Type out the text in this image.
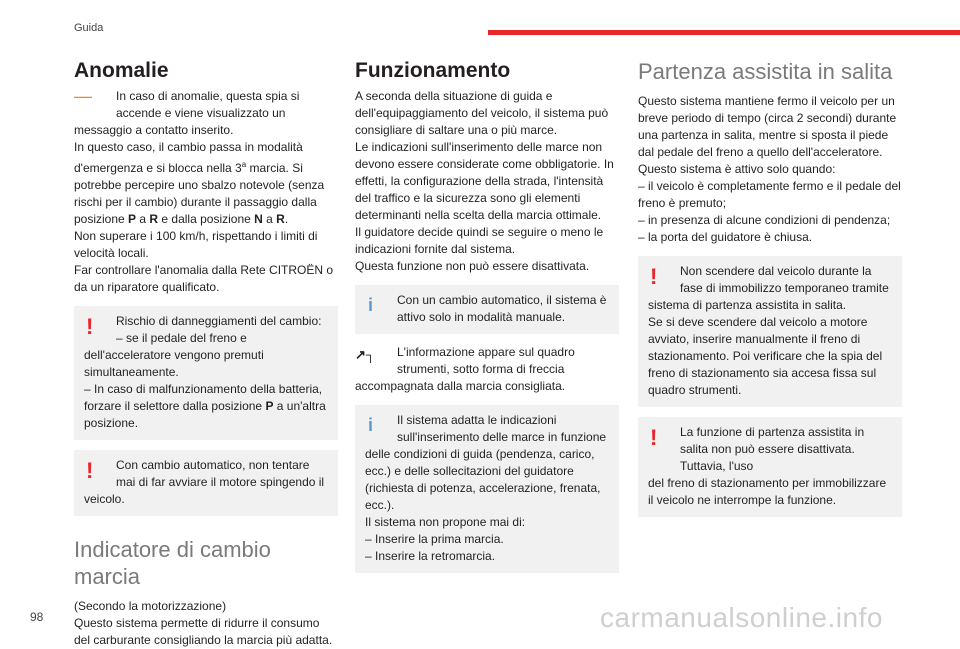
Guida
Anomalie
―	In caso di anomalie, questa spia si accende e viene visualizzato un
messaggio a contatto inserito.

In questo caso, il cambio passa in modalità d'emergenza e si blocca nella 3$^a$ marcia. Si potrebbe percepire uno sbalzo notevole (senza rischi per il cambio) durante il passaggio dalla posizione P a R e dalla posizione N a R.

Non superare i 100 km/h, rispettando i limiti di velocità locali.

Far controllare l'anomalia dalla Rete CITROËN o da un riparatore qualificato.

!	Rischio di danneggiamenti del cambio:
– se il pedale del freno e
dell'acceleratore vengono premuti simultaneamente.
– In caso di malfunzionamento della batteria, forzare il selettore dalla posizione P a un'altra posizione.
!	Con cambio automatico, non tentare mai di far avviare il motore spingendo il
veicolo.
Indicatore di cambio marcia

(Secondo la motorizzazione)

Questo sistema permette di ridurre il consumo del carburante consigliando la marcia più adatta.

Funzionamento

A seconda della situazione di guida e dell'equipaggiamento del veicolo, il sistema può consigliare di saltare una o più marce.

Le indicazioni sull'inserimento delle marce non devono essere considerate come obbligatorie. In effetti, la configurazione della strada, l'intensità del traffico e la sicurezza sono gli elementi determinanti nella scelta della marcia ottimale.

Il guidatore decide quindi se seguire o meno le indicazioni fornite dal sistema.

Questa funzione non può essere disattivata.

i	Con un cambio automatico, il sistema è attivo solo in modalità manuale.
↗┐	L'informazione appare sul quadro strumenti, sotto forma di freccia
accompagnata dalla marcia consigliata.
i	Il sistema adatta le indicazioni sull'inserimento delle marce in funzione
delle condizioni di guida (pendenza, carico, ecc.) e delle sollecitazioni del guidatore (richiesta di potenza, accelerazione, frenata, ecc.).
Il sistema non propone mai di:
– Inserire la prima marcia.
– Inserire la retromarcia.
Partenza assistita in salita

Questo sistema mantiene fermo il veicolo per un breve periodo di tempo (circa 2 secondi) durante una partenza in salita, mentre si sposta il piede dal pedale del freno a quello dell'acceleratore.

Questo sistema è attivo solo quando:

– il veicolo è completamente fermo e il pedale del freno è premuto;

– in presenza di alcune condizioni di pendenza;

– la porta del guidatore è chiusa.

!	Non scendere dal veicolo durante la fase di immobilizzo temporaneo tramite
sistema di partenza assistita in salita.
Se si deve scendere dal veicolo a motore avviato, inserire manualmente il freno di stazionamento. Poi verificare che la spia del freno di stazionamento sia accesa fissa sul quadro strumenti.
!	La funzione di partenza assistita in salita non può essere disattivata. Tuttavia, l'uso
del freno di stazionamento per immobilizzare il veicolo ne interrompe la funzione.
98	carmanualsonline.info
